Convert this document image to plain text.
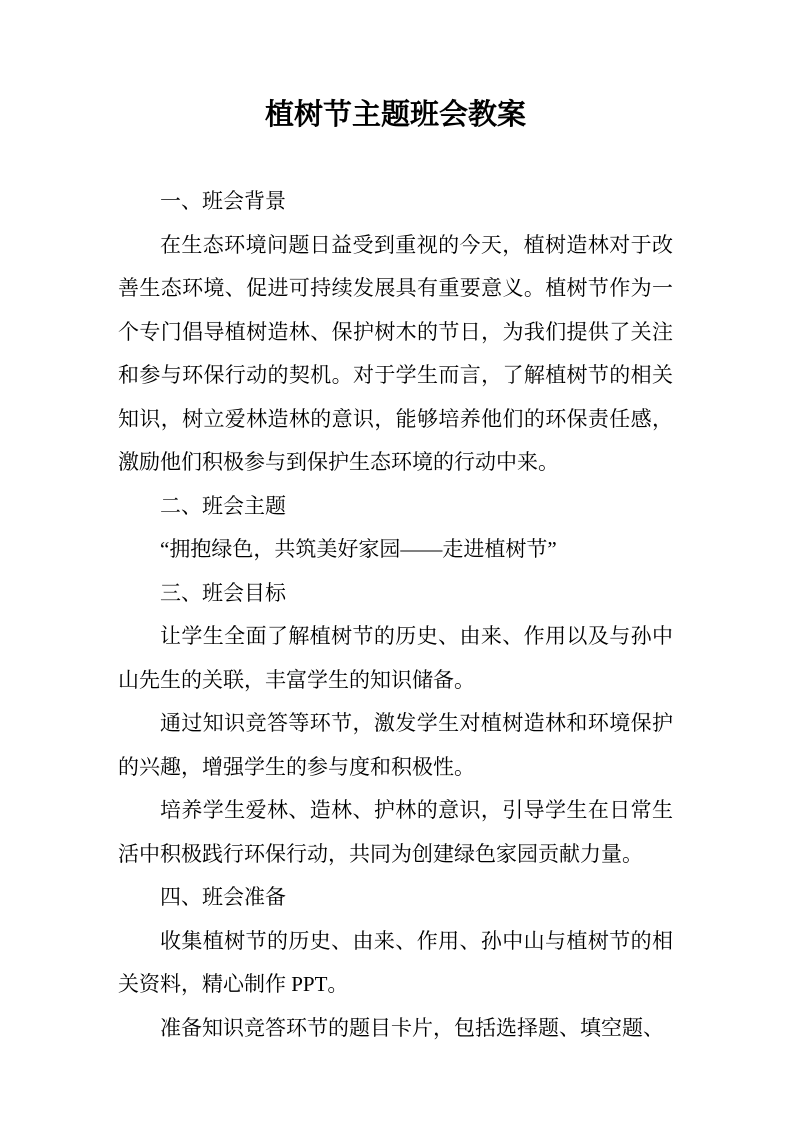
植树节主题班会教案

一、班会背景

在生态环境问题日益受到重视的今天，植树造林对于改善生态环境、促进可持续发展具有重要意义。植树节作为一个专门倡导植树造林、保护树木的节日，为我们提供了关注和参与环保行动的契机。对于学生而言，了解植树节的相关知识，树立爱林造林的意识，能够培养他们的环保责任感，激励他们积极参与到保护生态环境的行动中来。

二、班会主题

“拥抱绿色，共筑美好家园——走进植树节”

三、班会目标

让学生全面了解植树节的历史、由来、作用以及与孙中山先生的关联，丰富学生的知识储备。

通过知识竞答等环节，激发学生对植树造林和环境保护的兴趣，增强学生的参与度和积极性。

培养学生爱林、造林、护林的意识，引导学生在日常生活中积极践行环保行动，共同为创建绿色家园贡献力量。

四、班会准备

收集植树节的历史、由来、作用、孙中山与植树节的相关资料，精心制作 PPT。

准备知识竞答环节的题目卡片，包括选择题、填空题、
